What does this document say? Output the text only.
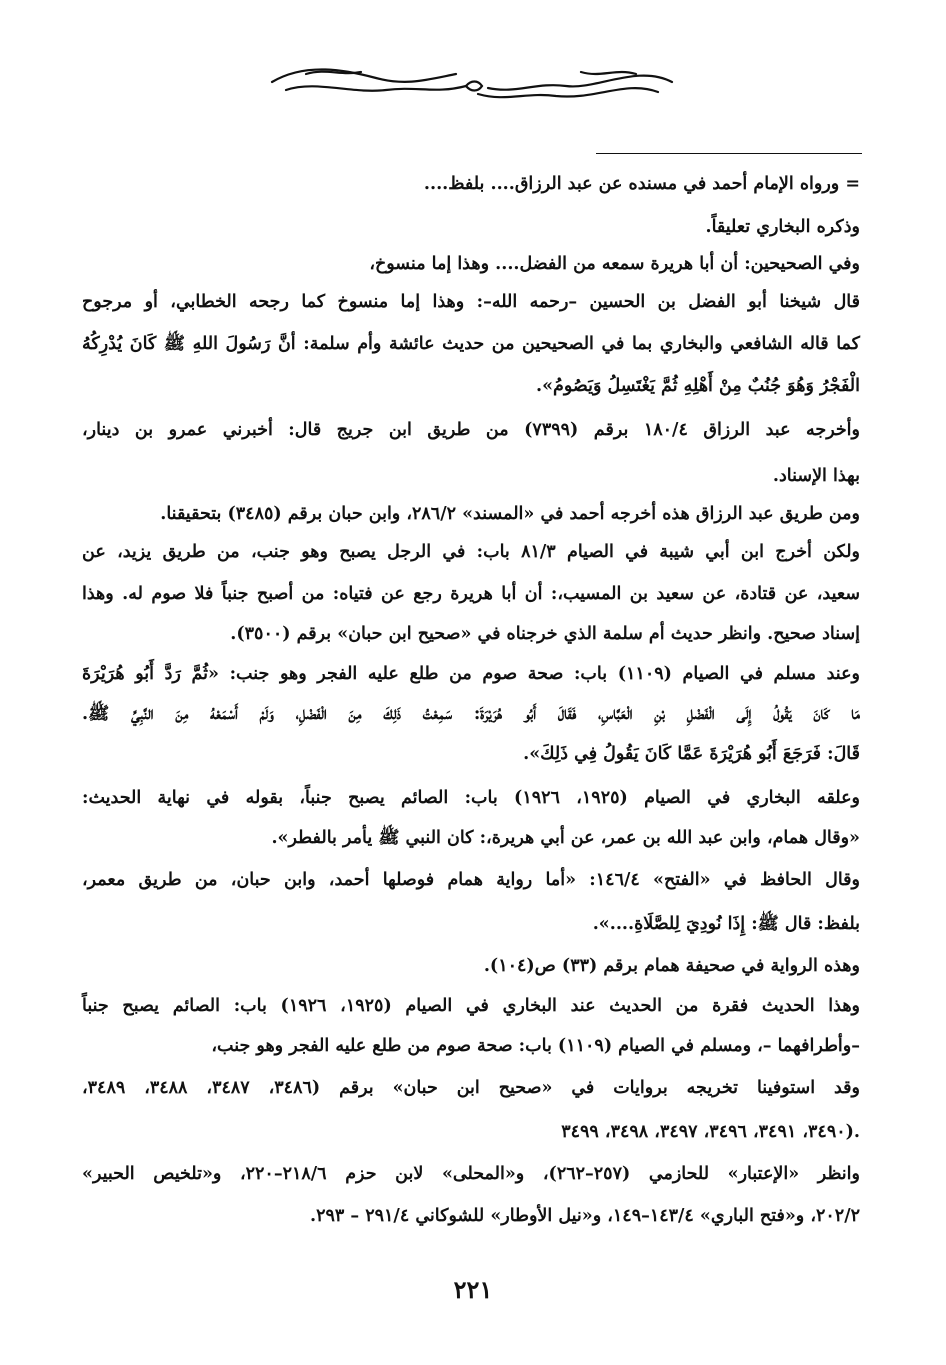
= ورواه الإمام أحمد في مسنده عن عبد الرزاق.... بلفظ....
وذكره البخاري تعليقاً.
وفي الصحيحين: أن أبا هريرة سمعه من الفضل.... وهذا إما منسوخ،
قال شيخنا أبو الفضل بن الحسين –رحمه الله–: وهذا إما منسوخ كما رجحه الخطابي، أو مرجوح
كما قاله الشافعي والبخاري بما في الصحيحين من حديث عائشة وأم سلمة: أنَّ رَسُولَ اللهِ ﷺ كَانَ يُدْرِكُهُ
الْفَجْرُ وَهُوَ جُنُبٌ مِنْ أَهْلِهِ ثُمَّ يَغْتَسِلُ وَيَصُومُ».
وأخرجه عبد الرزاق ١٨٠/٤ برقم (٧٣٩٩) من طريق ابن جريج قال: أخبرني عمرو بن دينار،
بهذا الإسناد.
ومن طريق عبد الرزاق هذه أخرجه أحمد في «المسند» ٢٨٦/٢، وابن حبان برقم (٣٤٨٥) بتحقيقنا.
ولكن أخرج ابن أبي شيبة في الصيام ٨١/٣ باب: في الرجل يصبح وهو جنب، من طريق يزيد، عن
سعيد، عن قتادة، عن سعيد بن المسيب،: أن أبا هريرة رجع عن فتياه: من أصبح جنباً فلا صوم له. وهذا
إسناد صحيح. وانظر حديث أم سلمة الذي خرجناه في «صحيح ابن حبان» برقم (٣٥٠٠).
وعند مسلم في الصيام (١١٠٩) باب: صحة صوم من طلع عليه الفجر وهو جنب: «ثُمَّ رَدَّ أَبُو هُرَيْرَةَ
مَا كَانَ يَقُولُ إِلَى الْفَضْلِ بْنِ الْعَبَّاسِ، فَقَالَ أَبُو هُرَيْرَةَ: سَمِعْتُ ذَلِكَ مِنَ الْفَضْلِ، وَلَمْ أَسْمَعْهُ مِنَ النَّبِيِّ ﷺ.
قَالَ: فَرَجَعَ أَبُو هُرَيْرَةَ عَمَّا كَانَ يَقُولُ فِي ذَلِكَ».
وعلقه البخاري في الصيام (١٩٢٥، ١٩٢٦) باب: الصائم يصبح جنباً، بقوله في نهاية الحديث:
«وقال همام، وابن عبد الله بن عمر، عن أبي هريرة،: كان النبي ﷺ يأمر بالفطر».
وقال الحافظ في «الفتح» ١٤٦/٤: «أما رواية همام فوصلها أحمد، وابن حبان، من طريق معمر،
بلفظ: قال ﷺ: إِذَا نُودِيَ لِلصَّلَاةِ....».
وهذه الرواية في صحيفة همام برقم (٣٣) ص(١٠٤).
وهذا الحديث فقرة من الحديث عند البخاري في الصيام (١٩٢٥، ١٩٢٦) باب: الصائم يصبح جنباً
–وأطرافهما –، ومسلم في الصيام (١١٠٩) باب: صحة صوم من طلع عليه الفجر وهو جنب،
وقد استوفينا تخريجه بروايات في «صحيح ابن حبان» برقم (٣٤٨٦، ٣٤٨٧، ٣٤٨٨، ٣٤٨٩،
٣٤٩٠، ٣٤٩١، ٣٤٩٦، ٣٤٩٧، ٣٤٩٨، ٣٤٩٩).
وانظر «الإعتبار» للحازمي (٢٥٧–٢٦٢)، و«المحلى» لابن حزم ٢١٨/٦–٢٢٠، و«تلخيص الحبير»
٢٠٢/٢، و«فتح الباري» ١٤٣/٤–١٤٩، و«نيل الأوطار» للشوكاني ٢٩١/٤ – ٢٩٣.
٢٢١
